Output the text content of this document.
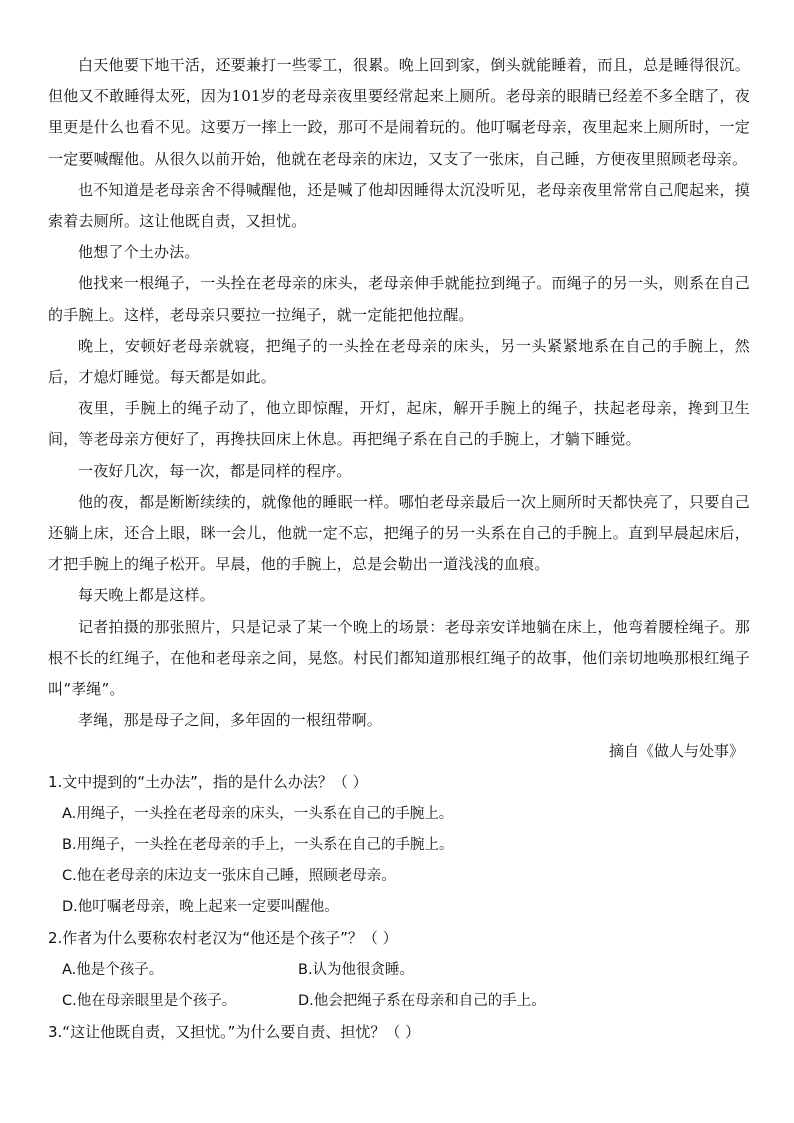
白天他要下地干活，还要兼打一些零工，很累。晚上回到家，倒头就能睡着，而且，总是睡得很沉。但他又不敢睡得太死，因为101岁的老母亲夜里要经常起来上厕所。老母亲的眼睛已经差不多全瞎了，夜里更是什么也看不见。这要万一摔上一跤，那可不是闹着玩的。他叮嘱老母亲，夜里起来上厕所时，一定一定要喊醒他。从很久以前开始，他就在老母亲的床边，又支了一张床，自己睡，方便夜里照顾老母亲。

也不知道是老母亲舍不得喊醒他，还是喊了他却因睡得太沉没听见，老母亲夜里常常自己爬起来，摸索着去厕所。这让他既自责，又担忧。

他想了个土办法。

他找来一根绳子，一头拴在老母亲的床头，老母亲伸手就能拉到绳子。而绳子的另一头，则系在自己的手腕上。这样，老母亲只要拉一拉绳子，就一定能把他拉醒。

晚上，安顿好老母亲就寝，把绳子的一头拴在老母亲的床头，另一头紧紧地系在自己的手腕上，然后，才熄灯睡觉。每天都是如此。

夜里，手腕上的绳子动了，他立即惊醒，开灯，起床，解开手腕上的绳子，扶起老母亲，搀到卫生间，等老母亲方便好了，再搀扶回床上休息。再把绳子系在自己的手腕上，才躺下睡觉。

一夜好几次，每一次，都是同样的程序。

他的夜，都是断断续续的，就像他的睡眠一样。哪怕老母亲最后一次上厕所时天都快亮了，只要自己还躺上床，还合上眼，眯一会儿，他就一定不忘，把绳子的另一头系在自己的手腕上。直到早晨起床后，才把手腕上的绳子松开。早晨，他的手腕上，总是会勒出一道浅浅的血痕。

每天晚上都是这样。

记者拍摄的那张照片，只是记录了某一个晚上的场景：老母亲安详地躺在床上，他弯着腰栓绳子。那根不长的红绳子，在他和老母亲之间，晃悠。村民们都知道那根红绳子的故事，他们亲切地唤那根红绳子叫“孝绳”。

孝绳，那是母子之间，多年固的一根纽带啊。

摘自《做人与处事》

1.文中提到的“土办法”，指的是什么办法？（ ）

A.用绳子，一头拴在老母亲的床头，一头系在自己的手腕上。

B.用绳子，一头拴在老母亲的手上，一头系在自己的手腕上。

C.他在老母亲的床边支一张床自己睡，照顾老母亲。

D.他叮嘱老母亲，晚上起来一定要叫醒他。

2.作者为什么要称农村老汉为“他还是个孩子”？（ ）

A.他是个孩子。	B.认为他很贪睡。
C.他在母亲眼里是个孩子。	D.他会把绳子系在母亲和自己的手上。

3.“这让他既自责，又担忧。”为什么要自责、担忧？（ ）
